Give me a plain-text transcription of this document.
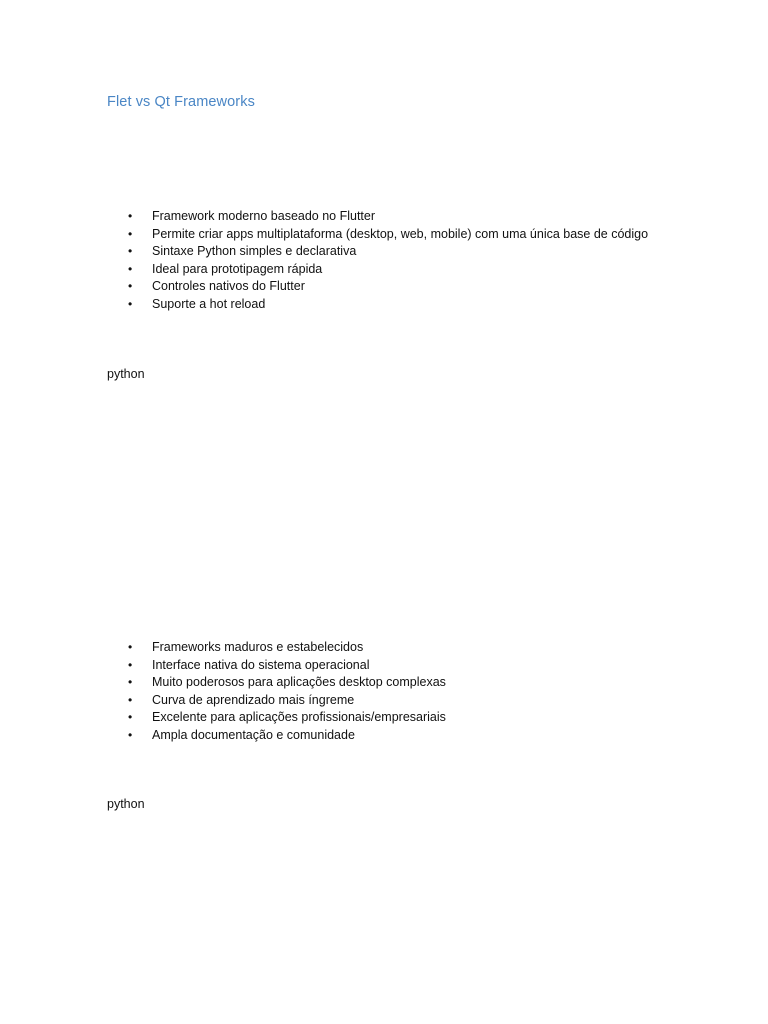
Flet vs Qt Frameworks
•	Framework moderno baseado no Flutter
•	Permite criar apps multiplataforma (desktop, web, mobile) com uma única base de código
•	Sintaxe Python simples e declarativa
•	Ideal para prototipagem rápida
•	Controles nativos do Flutter
•	Suporte a hot reload
python
•	Frameworks maduros e estabelecidos
•	Interface nativa do sistema operacional
•	Muito poderosos para aplicações desktop complexas
•	Curva de aprendizado mais íngreme
•	Excelente para aplicações profissionais/empresariais
•	Ampla documentação e comunidade
python
